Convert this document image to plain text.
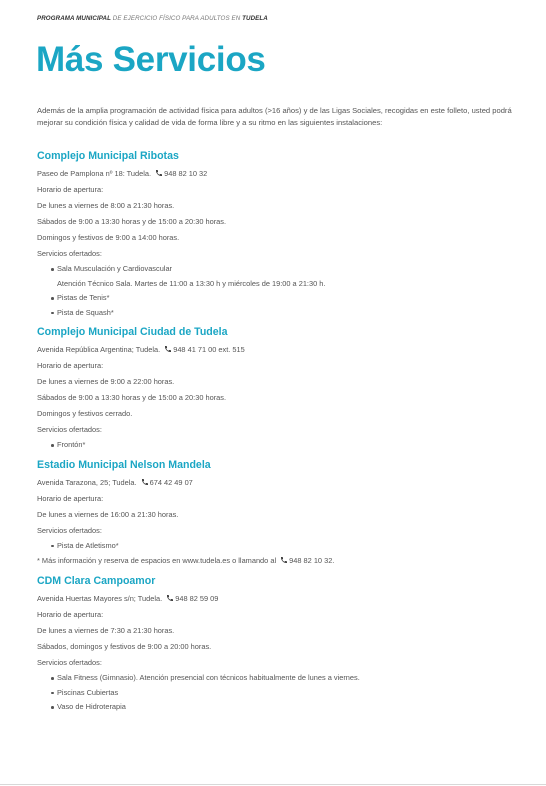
PROGRAMA MUNICIPAL DE EJERCICIO FÍSICO PARA ADULTOS EN TUDELA
Más Servicios
Además de la amplia programación de actividad física para adultos (>16 años) y de las Ligas Sociales, recogidas en este folleto, usted podrá mejorar su condición física y calidad de vida de forma libre y a su ritmo en las siguientes instalaciones:
Complejo Municipal Ribotas
Paseo de Pamplona nº 18: Tudela. 948 82 10 32
Horario de apertura:
De lunes a viernes de 8:00 a 21:30 horas.
Sábados de 9:00 a 13:30 horas y de 15:00 a 20:30 horas.
Domingos y festivos de 9:00 a 14:00 horas.
Servicios ofertados:
Sala Musculación y Cardiovascular
Atención Técnico Sala. Martes de 11:00 a 13:30 h y miércoles de 19:00 a 21:30 h.
Pistas de Tenis*
Pista de Squash*
Complejo Municipal Ciudad de Tudela
Avenida República Argentina; Tudela. 948 41 71 00 ext. 515
Horario de apertura:
De lunes a viernes de 9:00 a 22:00 horas.
Sábados de 9:00 a 13:30 horas y de 15:00 a 20:30 horas.
Domingos y festivos cerrado.
Servicios ofertados:
Frontón*
Estadio Municipal Nelson Mandela
Avenida Tarazona, 25; Tudela. 674 42 49 07
Horario de apertura:
De lunes a viernes de 16:00 a 21:30 horas.
Servicios ofertados:
Pista de Atletismo*
* Más información y reserva de espacios en www.tudela.es o llamando al 948 82 10 32.
CDM Clara Campoamor
Avenida Huertas Mayores s/n; Tudela. 948 82 59 09
Horario de apertura:
De lunes a viernes de 7:30 a 21:30 horas.
Sábados, domingos y festivos de 9:00 a 20:00 horas.
Servicios ofertados:
Sala Fitness (Gimnasio). Atención presencial con técnicos habitualmente de lunes a viernes.
Piscinas Cubiertas
Vaso de Hidroterapia
